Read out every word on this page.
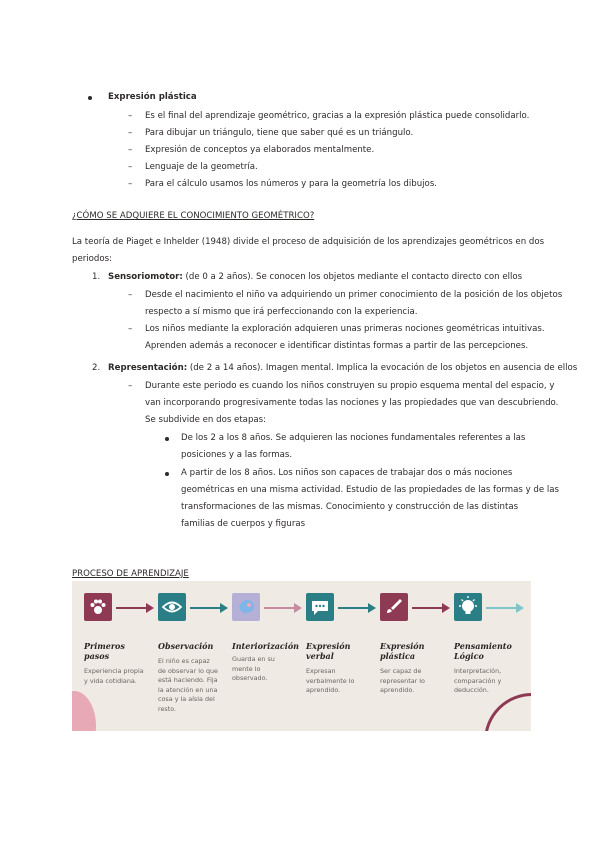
Expresión plástica
– Es el final del aprendizaje geométrico, gracias a la expresión plástica puede consolidarlo.
– Para dibujar un triángulo, tiene que saber qué es un triángulo.
– Expresión de conceptos ya elaborados mentalmente.
– Lenguaje de la geometría.
– Para el cálculo usamos los números y para la geometría los dibujos.
¿CÓMO SE ADQUIERE EL CONOCIMIENTO GEOMÉTRICO?
La teoría de Piaget e Inhelder (1948) divide el proceso de adquisición de los aprendizajes geométricos en dos
periodos:
1. Sensoriomotor: (de 0 a 2 años). Se conocen los objetos mediante el contacto directo con ellos
– Desde el nacimiento el niño va adquiriendo un primer conocimiento de la posición de los objetos
respecto a sí mismo que irá perfeccionando con la experiencia.
– Los niños mediante la exploración adquieren unas primeras nociones geométricas intuitivas.
Aprenden además a reconocer e identificar distintas formas a partir de las percepciones.
2. Representación: (de 2 a 14 años). Imagen mental. Implica la evocación de los objetos en ausencia de ellos
– Durante este periodo es cuando los niños construyen su propio esquema mental del espacio, y
van incorporando progresivamente todas las nociones y las propiedades que van descubriendo.
Se subdivide en dos etapas:
De los 2 a los 8 años. Se adquieren las nociones fundamentales referentes a las
posiciones y a las formas.
A partir de los 8 años. Los niños son capaces de trabajar dos o más nociones
geométricas en una misma actividad. Estudio de las propiedades de las formas y de las
transformaciones de las mismas. Conocimiento y construcción de las distintas
familias de cuerpos y figuras
PROCESO DE APRENDIZAJE
Primeros
pasos
Observación	Interiorización Expresión
verbal
Expresión
plástica
Pensamiento
Lógico
Experiencia propia
y vida cotidiana.
El niño es capaz
de observar lo que
está haciendo. Fija
la atención en una
cosa y la aísla del
resto.
Guarda en su
mente lo
observado.
Expresan
verbalmente lo
aprendido.
Ser capaz de
representar lo
aprendido.
Interpretación,
comparación y
deducción.
